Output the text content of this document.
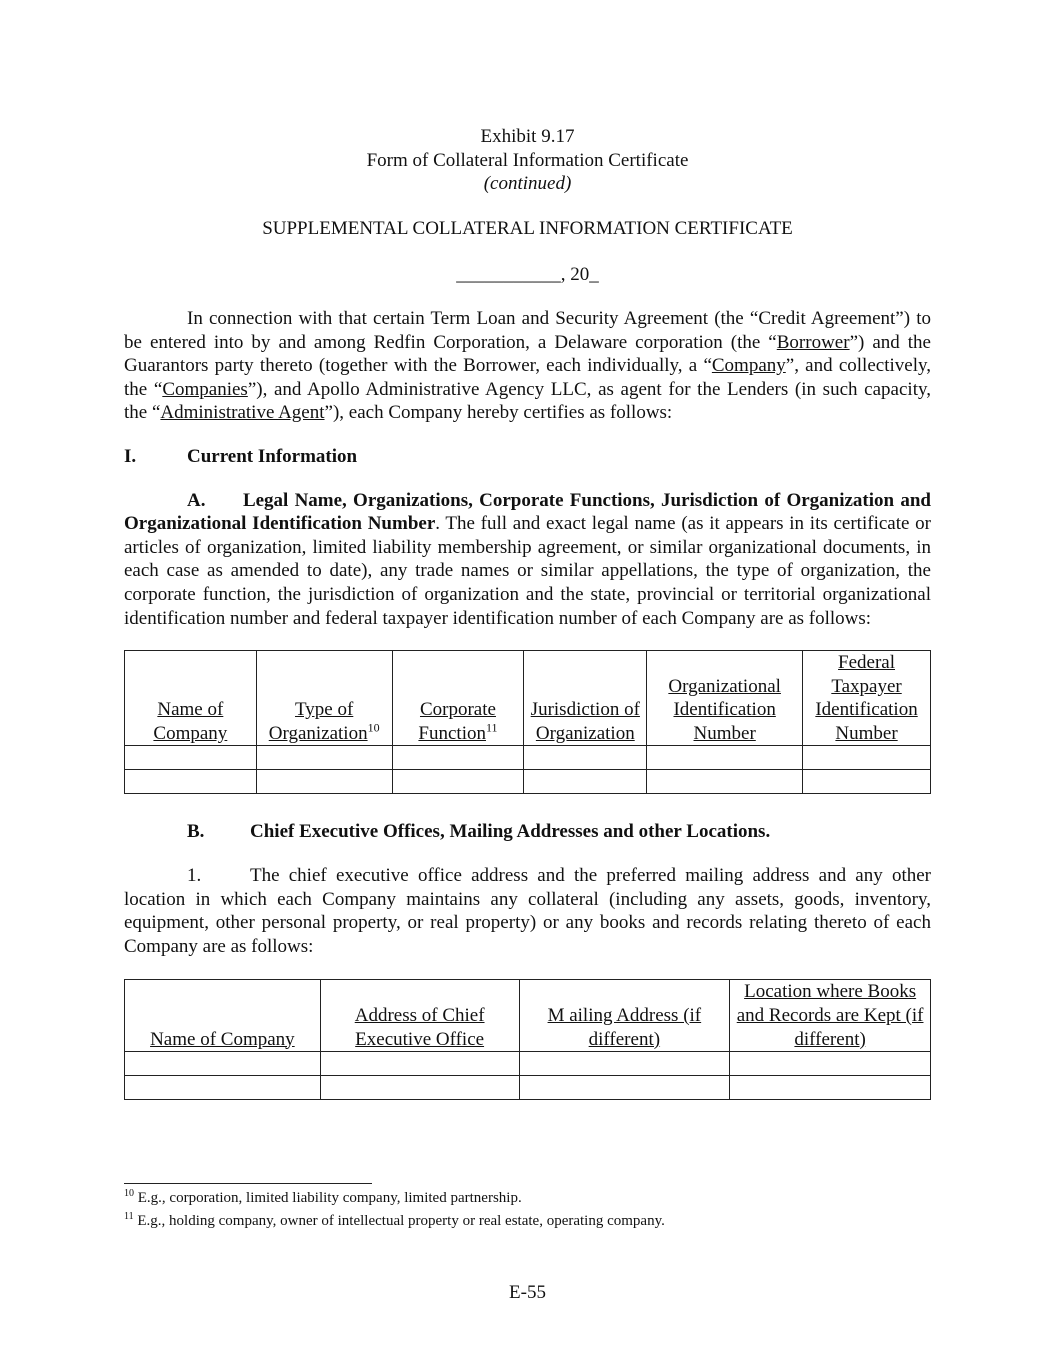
Exhibit 9.17
Form of Collateral Information Certificate
(continued)

SUPPLEMENTAL COLLATERAL INFORMATION CERTIFICATE

___________, 20_

In connection with that certain Term Loan and Security Agreement (the “Credit Agreement”) to be entered into by and among Redfin Corporation, a Delaware corporation (the “Borrower”) and the Guarantors party thereto (together with the Borrower, each individually, a “Company”, and collectively, the “Companies”), and Apollo Administrative Agency LLC, as agent for the Lenders (in such capacity, the “Administrative Agent”), each Company hereby certifies as follows:

I.	Current Information

A.      Legal Name, Organizations, Corporate Functions, Jurisdiction of Organization and Organizational Identification Number. The full and exact legal name (as it appears in its certificate or articles of organization, limited liability membership agreement, or similar organizational documents, in each case as amended to date), any trade names or similar appellations, the type of organization, the corporate function, the jurisdiction of organization and the state, provincial or territorial organizational identification number and federal taxpayer identification number of each Company are as follows:

Name of Company	Type of Organization$^{10}$	Corporate Function$^{11}$	Jurisdiction of Organization	Organizational Identification Number	Federal Taxpayer Identification Number

B.	Chief Executive Offices, Mailing Addresses and other Locations.

1.	The chief executive office address and the preferred mailing address and any other location in which each Company maintains any collateral (including any assets, goods, inventory, equipment, other personal property, or real property) or any books and records relating thereto of each Company are as follows:

Name of Company	Address of Chief Executive Office	M ailing Address (if different)	Location where Books and Records are Kept (if different)

$^{10}$ E.g., corporation, limited liability company, limited partnership.
$^{11}$ E.g., holding company, owner of intellectual property or real estate, operating company.
E-55
